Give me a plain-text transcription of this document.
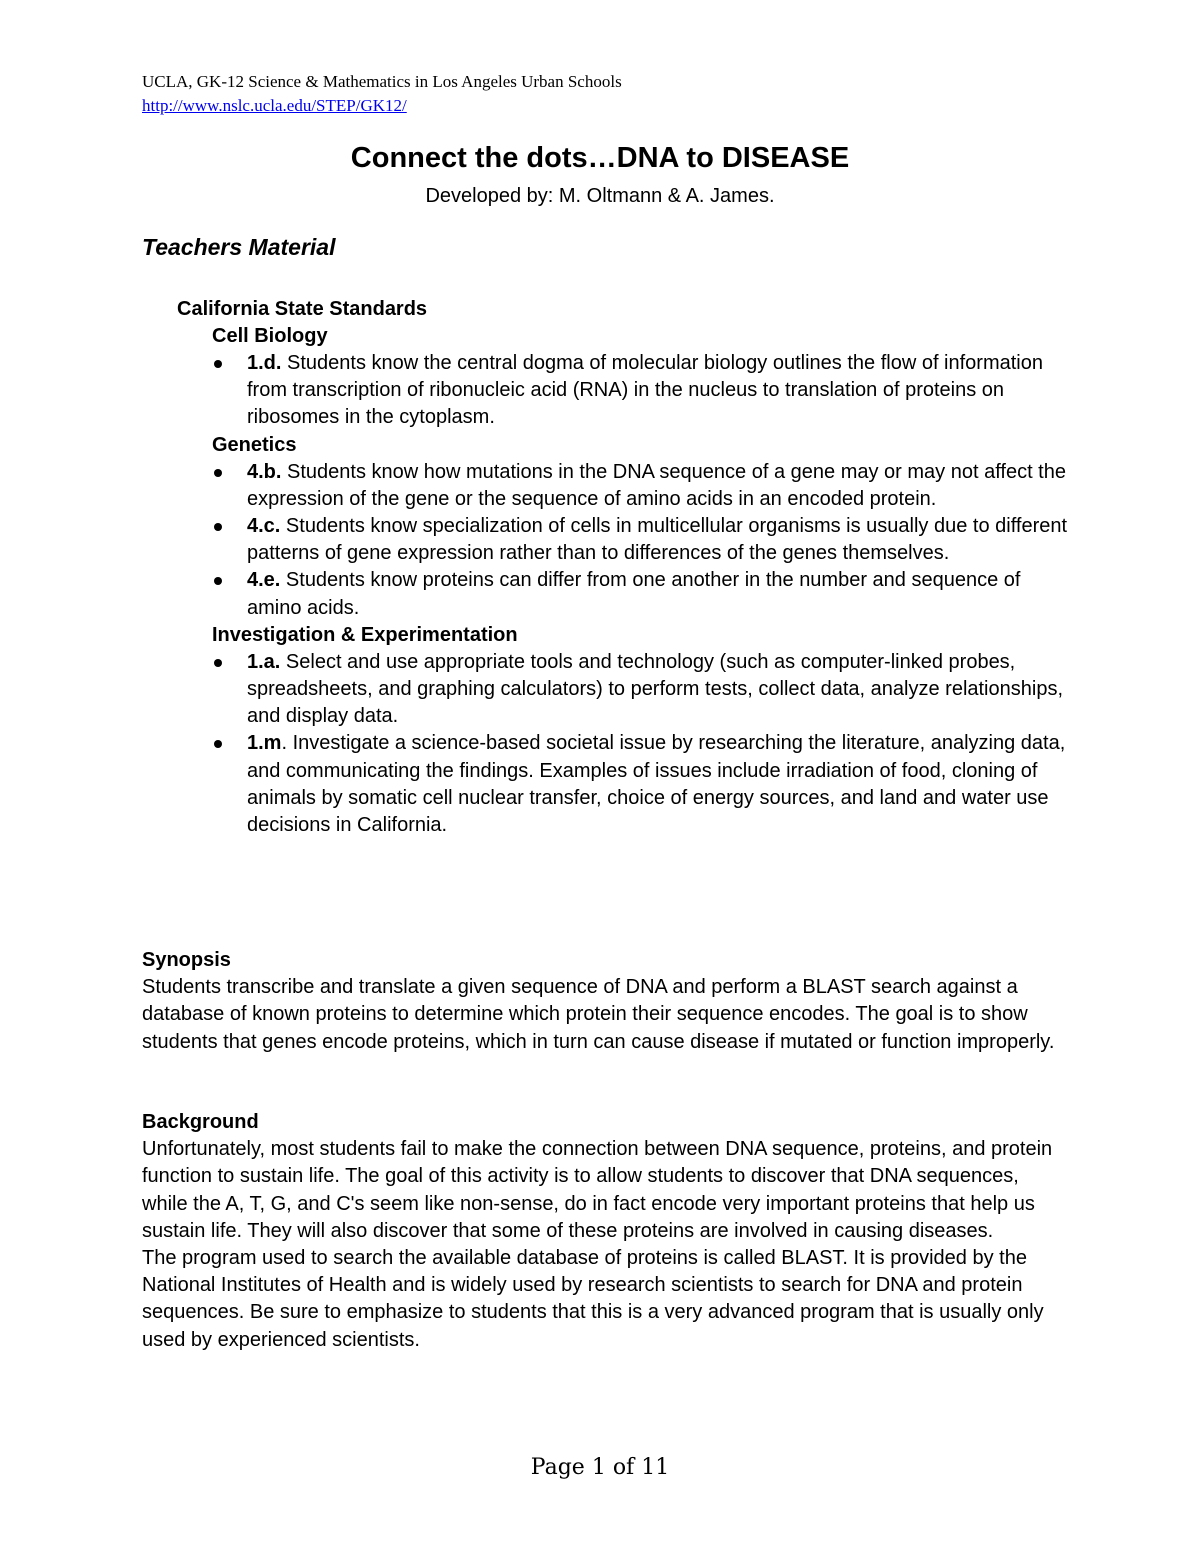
UCLA, GK-12 Science & Mathematics in Los Angeles Urban Schools
http://www.nslc.ucla.edu/STEP/GK12/
Connect the dots…DNA to DISEASE
Developed by: M. Oltmann & A. James.
Teachers Material
California State Standards
Cell Biology
1.d. Students know the central dogma of molecular biology outlines the flow of information from transcription of ribonucleic acid (RNA) in the nucleus to translation of proteins on ribosomes in the cytoplasm.
Genetics
4.b. Students know how mutations in the DNA sequence of a gene may or may not affect the expression of the gene or the sequence of amino acids in an encoded protein.
4.c. Students know specialization of cells in multicellular organisms is usually due to different patterns of gene expression rather than to differences of the genes themselves.
4.e. Students know proteins can differ from one another in the number and sequence of amino acids.
Investigation & Experimentation
1.a. Select and use appropriate tools and technology (such as computer-linked probes, spreadsheets, and graphing calculators) to perform tests, collect data, analyze relationships, and display data.
1.m. Investigate a science-based societal issue by researching the literature, analyzing data, and communicating the findings. Examples of issues include irradiation of food, cloning of animals by somatic cell nuclear transfer, choice of energy sources, and land and water use decisions in California.
Synopsis
Students transcribe and translate a given sequence of DNA and perform a BLAST search against a database of known proteins to determine which protein their sequence encodes. The goal is to show students that genes encode proteins, which in turn can cause disease if mutated or function improperly.
Background
Unfortunately, most students fail to make the connection between DNA sequence, proteins, and protein function to sustain life. The goal of this activity is to allow students to discover that DNA sequences, while the A, T, G, and C's seem like non-sense, do in fact encode very important proteins that help us sustain life. They will also discover that some of these proteins are involved in causing diseases.
The program used to search the available database of proteins is called BLAST. It is provided by the National Institutes of Health and is widely used by research scientists to search for DNA and protein sequences. Be sure to emphasize to students that this is a very advanced program that is usually only used by experienced scientists.
Page 1 of 11
